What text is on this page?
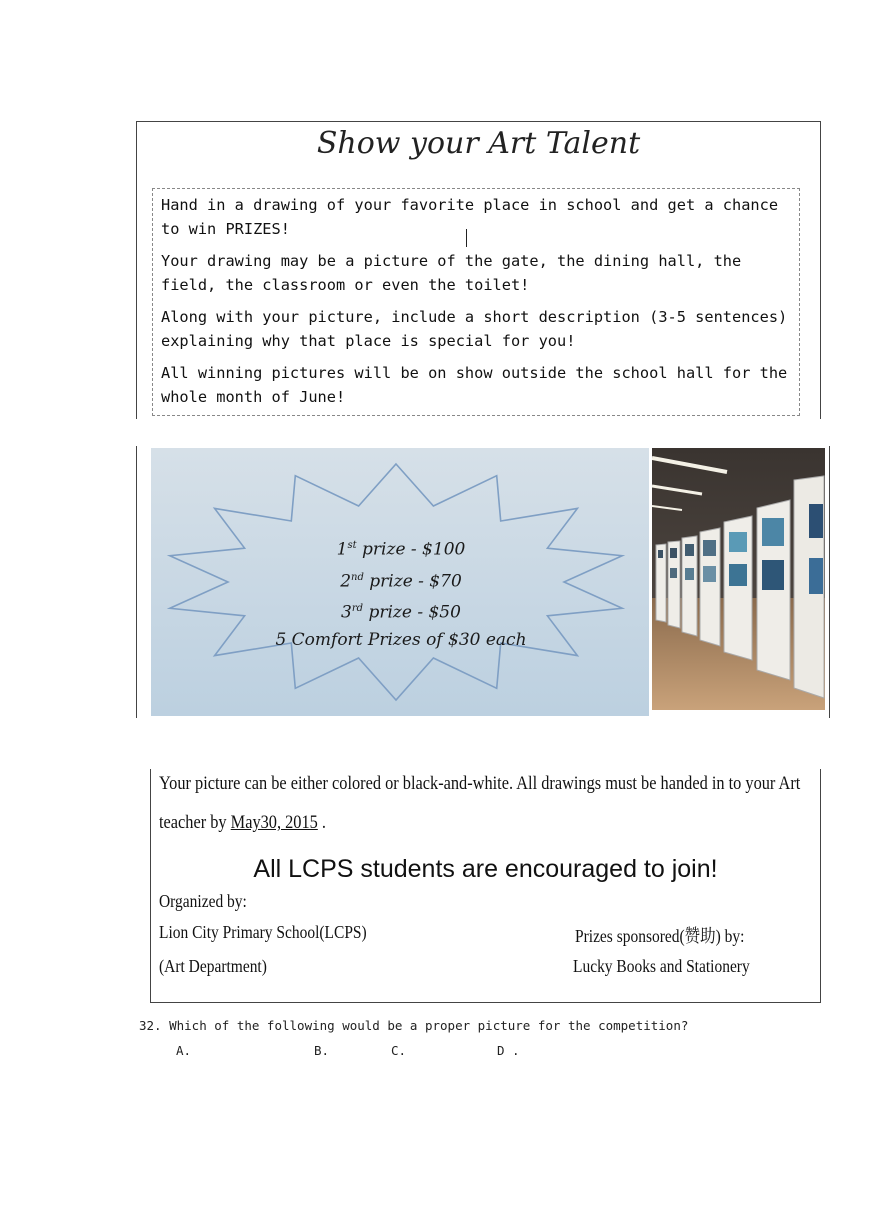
Show your Art Talent

Hand in a drawing of your favorite place in school and get a chance to win PRIZES!

Your drawing may be a picture of the gate, the dining hall, the field, the classroom or even the toilet!

Along with your picture, include a short description (3-5 sentences) explaining why that place is special for you!

All winning pictures will be on show outside the school hall for the whole month of June!

1st prize - $100
2nd prize - $70
3rd prize - $50
5 Comfort Prizes of $30 each
Your picture can be either colored or black-and-white. All drawings must be handed in to your Art
teacher by May30, 2015 .
All LCPS students are encouraged to join!
Organized by:
Lion City Primary School(LCPS)
(Art Department)
Prizes sponsored(赞助) by:
Lucky Books and Stationery
32. Which of the following would be a proper picture for the competition?
A.	B.	C.	D .
